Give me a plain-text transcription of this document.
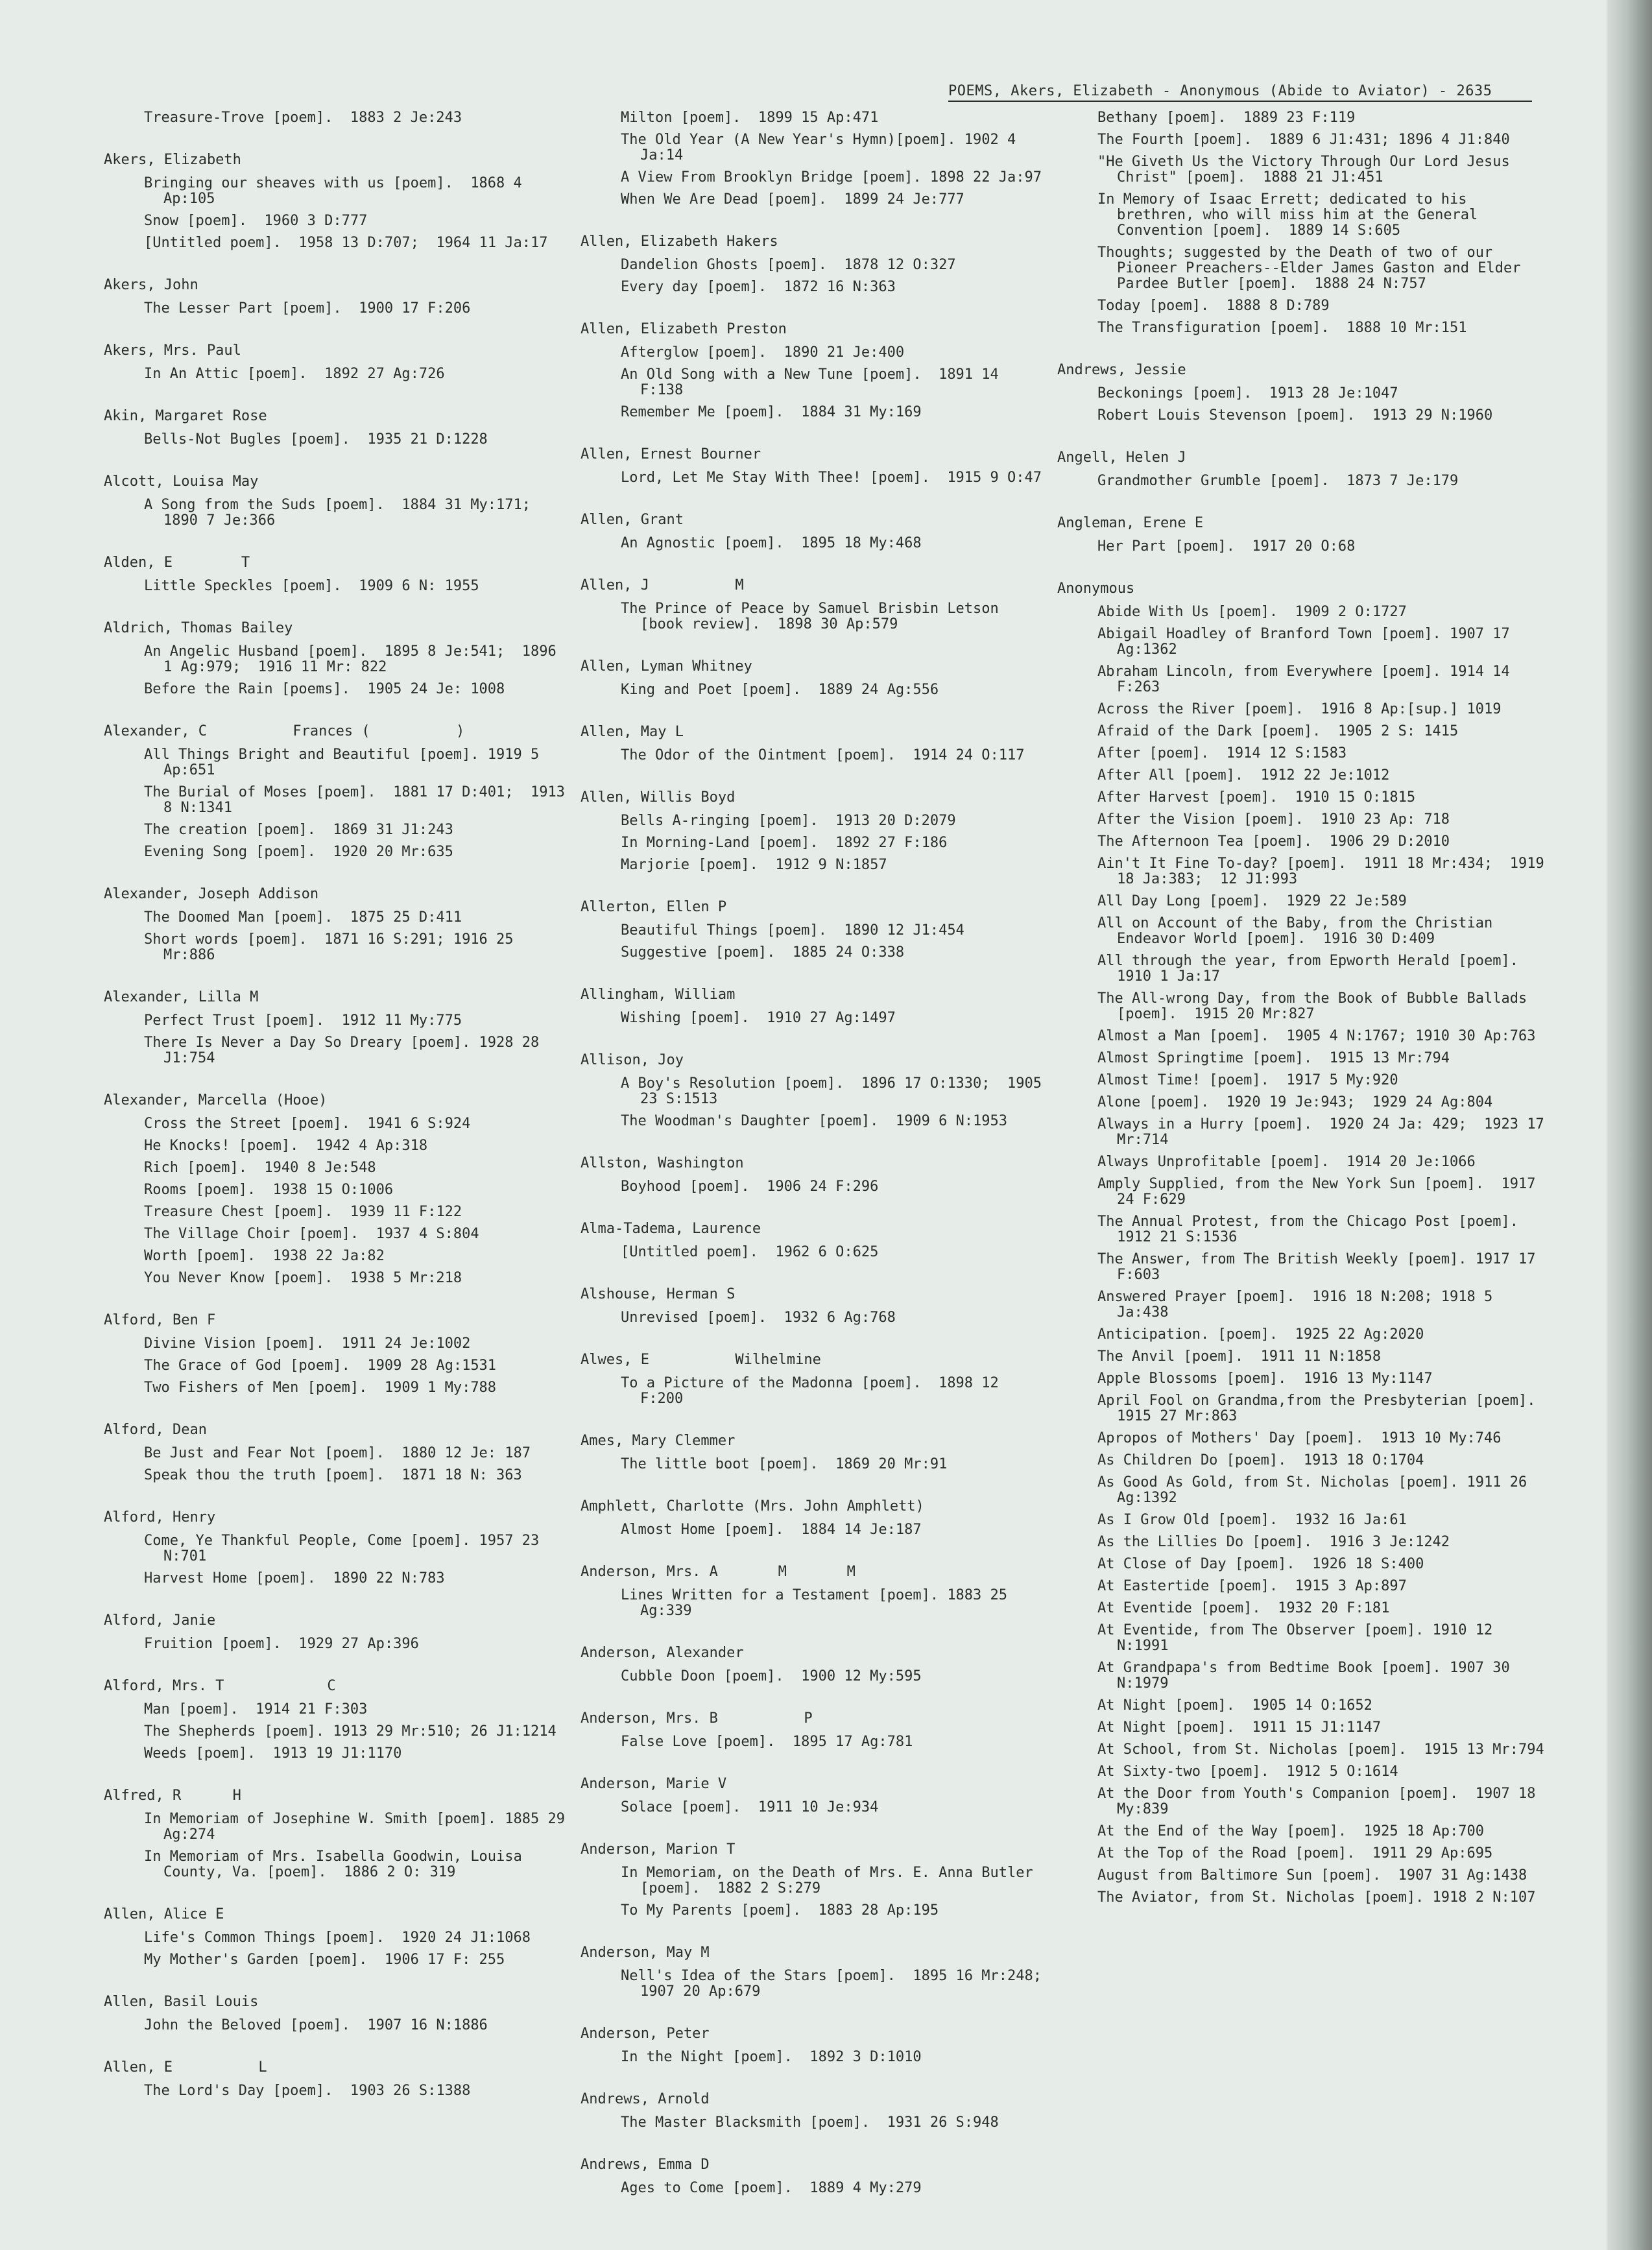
POEMS, Akers, Elizabeth - Anonymous (Abide to Aviator) - 2635
Treasure-Trove [poem].  1883 2 Je:243
Akers, Elizabeth
Bringing our sheaves with us [poem].  1868 4 Ap:105
Snow [poem].  1960 3 D:777
[Untitled poem].  1958 13 D:707;  1964 11 Ja:17
Akers, John
The Lesser Part [poem].  1900 17 F:206
Akers, Mrs. Paul
In An Attic [poem].  1892 27 Ag:726
Akin, Margaret Rose
Bells-Not Bugles [poem].  1935 21 D:1228
Alcott, Louisa May
A Song from the Suds [poem].  1884 31 My:171;  1890 7 Je:366
Alden, E        T
Little Speckles [poem].  1909 6 N: 1955
Aldrich, Thomas Bailey
An Angelic Husband [poem].  1895 8 Je:541;  1896 1 Ag:979;  1916 11 Mr: 822
Before the Rain [poems].  1905 24 Je: 1008
Alexander, C          Frances (          )
All Things Bright and Beautiful [poem]. 1919 5 Ap:651
The Burial of Moses [poem].  1881 17 D:401;  1913 8 N:1341
The creation [poem].  1869 31 J1:243
Evening Song [poem].  1920 20 Mr:635
Alexander, Joseph Addison
The Doomed Man [poem].  1875 25 D:411
Short words [poem].  1871 16 S:291; 1916 25 Mr:886
Alexander, Lilla M
Perfect Trust [poem].  1912 11 My:775
There Is Never a Day So Dreary [poem]. 1928 28 J1:754
Alexander, Marcella (Hooe)
Cross the Street [poem].  1941 6 S:924
He Knocks! [poem].  1942 4 Ap:318
Rich [poem].  1940 8 Je:548
Rooms [poem].  1938 15 O:1006
Treasure Chest [poem].  1939 11 F:122
The Village Choir [poem].  1937 4 S:804
Worth [poem].  1938 22 Ja:82
You Never Know [poem].  1938 5 Mr:218
Alford, Ben F
Divine Vision [poem].  1911 24 Je:1002
The Grace of God [poem].  1909 28 Ag:1531
Two Fishers of Men [poem].  1909 1 My:788
Alford, Dean
Be Just and Fear Not [poem].  1880 12 Je: 187
Speak thou the truth [poem].  1871 18 N: 363
Alford, Henry
Come, Ye Thankful People, Come [poem]. 1957 23 N:701
Harvest Home [poem].  1890 22 N:783
Alford, Janie
Fruition [poem].  1929 27 Ap:396
Alford, Mrs. T            C
Man [poem].  1914 21 F:303
The Shepherds [poem]. 1913 29 Mr:510; 26 J1:1214
Weeds [poem].  1913 19 J1:1170
Alfred, R      H
In Memoriam of Josephine W. Smith [poem]. 1885 29 Ag:274
In Memoriam of Mrs. Isabella Goodwin, Louisa County, Va. [poem].  1886 2 O: 319
Allen, Alice E
Life's Common Things [poem].  1920 24 J1:1068
My Mother's Garden [poem].  1906 17 F: 255
Allen, Basil Louis
John the Beloved [poem].  1907 16 N:1886
Allen, E          L
The Lord's Day [poem].  1903 26 S:1388
Milton [poem].  1899 15 Ap:471
The Old Year (A New Year's Hymn)[poem]. 1902 4 Ja:14
A View From Brooklyn Bridge [poem]. 1898 22 Ja:97
When We Are Dead [poem].  1899 24 Je:777
Allen, Elizabeth Hakers
Dandelion Ghosts [poem].  1878 12 O:327
Every day [poem].  1872 16 N:363
Allen, Elizabeth Preston
Afterglow [poem].  1890 21 Je:400
An Old Song with a New Tune [poem].  1891 14 F:138
Remember Me [poem].  1884 31 My:169
Allen, Ernest Bourner
Lord, Let Me Stay With Thee! [poem].  1915 9 O:47
Allen, Grant
An Agnostic [poem].  1895 18 My:468
Allen, J          M
The Prince of Peace by Samuel Brisbin Letson [book review].  1898 30 Ap:579
Allen, Lyman Whitney
King and Poet [poem].  1889 24 Ag:556
Allen, May L
The Odor of the Ointment [poem].  1914 24 O:117
Allen, Willis Boyd
Bells A-ringing [poem].  1913 20 D:2079
In Morning-Land [poem].  1892 27 F:186
Marjorie [poem].  1912 9 N:1857
Allerton, Ellen P
Beautiful Things [poem].  1890 12 J1:454
Suggestive [poem].  1885 24 O:338
Allingham, William
Wishing [poem].  1910 27 Ag:1497
Allison, Joy
A Boy's Resolution [poem].  1896 17 O:1330;  1905 23 S:1513
The Woodman's Daughter [poem].  1909 6 N:1953
Allston, Washington
Boyhood [poem].  1906 24 F:296
Alma-Tadema, Laurence
[Untitled poem].  1962 6 O:625
Alshouse, Herman S
Unrevised [poem].  1932 6 Ag:768
Alwes, E          Wilhelmine
To a Picture of the Madonna [poem].  1898 12 F:200
Ames, Mary Clemmer
The little boot [poem].  1869 20 Mr:91
Amphlett, Charlotte (Mrs. John Amphlett)
Almost Home [poem].  1884 14 Je:187
Anderson, Mrs. A       M       M
Lines Written for a Testament [poem]. 1883 25 Ag:339
Anderson, Alexander
Cubble Doon [poem].  1900 12 My:595
Anderson, Mrs. B          P
False Love [poem].  1895 17 Ag:781
Anderson, Marie V
Solace [poem].  1911 10 Je:934
Anderson, Marion T
In Memoriam, on the Death of Mrs. E. Anna Butler [poem].  1882 2 S:279
To My Parents [poem].  1883 28 Ap:195
Anderson, May M
Nell's Idea of the Stars [poem].  1895 16 Mr:248;  1907 20 Ap:679
Anderson, Peter
In the Night [poem].  1892 3 D:1010
Andrews, Arnold
The Master Blacksmith [poem].  1931 26 S:948
Andrews, Emma D
Ages to Come [poem].  1889 4 My:279
Bethany [poem].  1889 23 F:119
The Fourth [poem].  1889 6 J1:431; 1896 4 J1:840
"He Giveth Us the Victory Through Our Lord Jesus Christ" [poem].  1888 21 J1:451
In Memory of Isaac Errett; dedicated to his brethren, who will miss him at the General Convention [poem].  1889 14 S:605
Thoughts; suggested by the Death of two of our Pioneer Preachers--Elder James Gaston and Elder Pardee Butler [poem].  1888 24 N:757
Today [poem].  1888 8 D:789
The Transfiguration [poem].  1888 10 Mr:151
Andrews, Jessie
Beckonings [poem].  1913 28 Je:1047
Robert Louis Stevenson [poem].  1913 29 N:1960
Angell, Helen J
Grandmother Grumble [poem].  1873 7 Je:179
Angleman, Erene E
Her Part [poem].  1917 20 O:68
Anonymous
Abide With Us [poem].  1909 2 O:1727
Abigail Hoadley of Branford Town [poem]. 1907 17 Ag:1362
Abraham Lincoln, from Everywhere [poem]. 1914 14 F:263
Across the River [poem].  1916 8 Ap:[sup.] 1019
Afraid of the Dark [poem].  1905 2 S: 1415
After [poem].  1914 12 S:1583
After All [poem].  1912 22 Je:1012
After Harvest [poem].  1910 15 O:1815
After the Vision [poem].  1910 23 Ap: 718
The Afternoon Tea [poem].  1906 29 D:2010
Ain't It Fine To-day? [poem].  1911 18 Mr:434;  1919 18 Ja:383;  12 J1:993
All Day Long [poem].  1929 22 Je:589
All on Account of the Baby, from the Christian Endeavor World [poem].  1916 30 D:409
All through the year, from Epworth Herald [poem].  1910 1 Ja:17
The All-wrong Day, from the Book of Bubble Ballads [poem].  1915 20 Mr:827
Almost a Man [poem].  1905 4 N:1767; 1910 30 Ap:763
Almost Springtime [poem].  1915 13 Mr:794
Almost Time! [poem].  1917 5 My:920
Alone [poem].  1920 19 Je:943;  1929 24 Ag:804
Always in a Hurry [poem].  1920 24 Ja: 429;  1923 17 Mr:714
Always Unprofitable [poem].  1914 20 Je:1066
Amply Supplied, from the New York Sun [poem].  1917 24 F:629
The Annual Protest, from the Chicago Post [poem].  1912 21 S:1536
The Answer, from The British Weekly [poem]. 1917 17 F:603
Answered Prayer [poem].  1916 18 N:208; 1918 5 Ja:438
Anticipation. [poem].  1925 22 Ag:2020
The Anvil [poem].  1911 11 N:1858
Apple Blossoms [poem].  1916 13 My:1147
April Fool on Grandma,from the Presbyterian [poem].  1915 27 Mr:863
Apropos of Mothers' Day [poem].  1913 10 My:746
As Children Do [poem].  1913 18 O:1704
As Good As Gold, from St. Nicholas [poem]. 1911 26 Ag:1392
As I Grow Old [poem].  1932 16 Ja:61
As the Lillies Do [poem].  1916 3 Je:1242
At Close of Day [poem].  1926 18 S:400
At Eastertide [poem].  1915 3 Ap:897
At Eventide [poem].  1932 20 F:181
At Eventide, from The Observer [poem]. 1910 12 N:1991
At Grandpapa's from Bedtime Book [poem]. 1907 30 N:1979
At Night [poem].  1905 14 O:1652
At Night [poem].  1911 15 J1:1147
At School, from St. Nicholas [poem].  1915 13 Mr:794
At Sixty-two [poem].  1912 5 O:1614
At the Door from Youth's Companion [poem].  1907 18 My:839
At the End of the Way [poem].  1925 18 Ap:700
At the Top of the Road [poem].  1911 29 Ap:695
August from Baltimore Sun [poem].  1907 31 Ag:1438
The Aviator, from St. Nicholas [poem]. 1918 2 N:107
